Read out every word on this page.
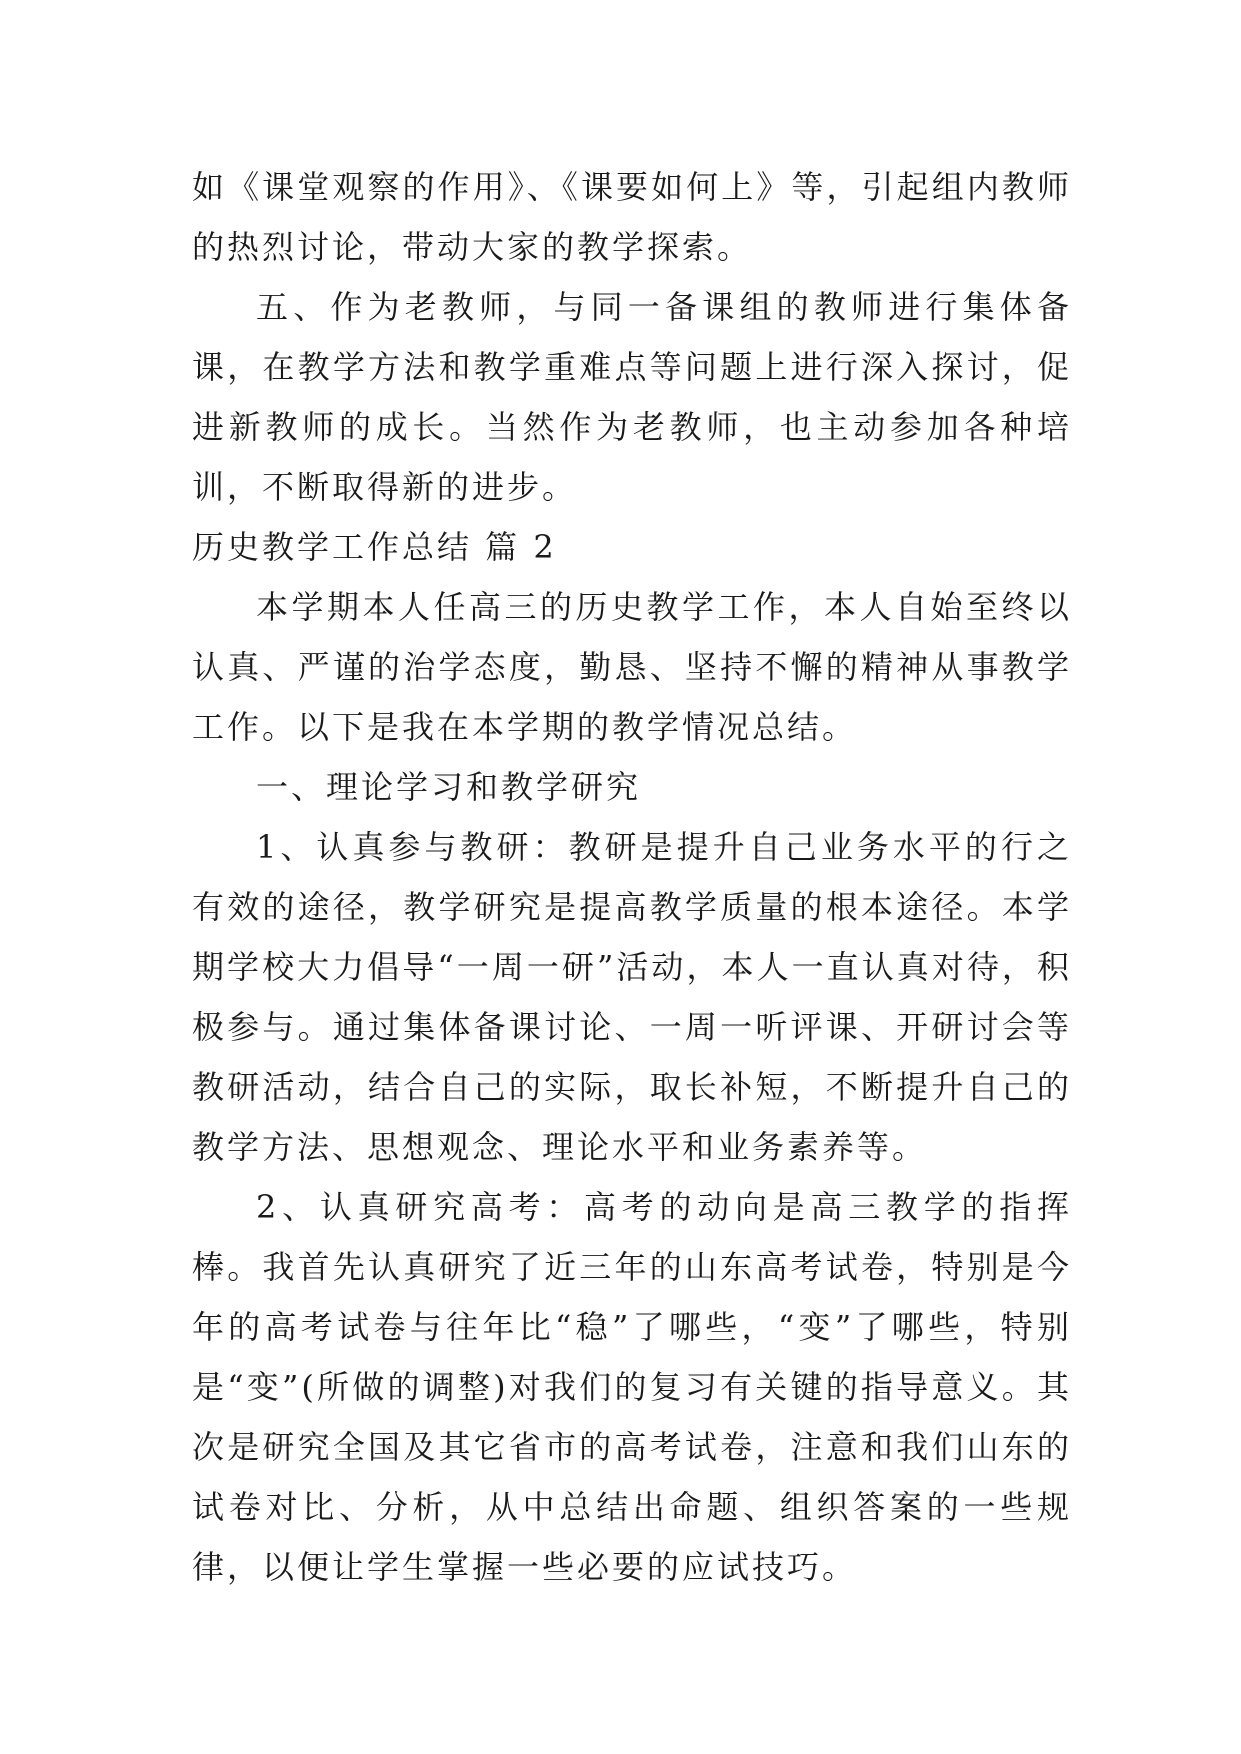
如《课堂观察的作用》、《课要如何上》等，引起组内教师的热烈讨论，带动大家的教学探索。

五、作为老教师，与同一备课组的教师进行集体备课，在教学方法和教学重难点等问题上进行深入探讨，促进新教师的成长。当然作为老教师，也主动参加各种培训，不断取得新的进步。

历史教学工作总结 篇 2

本学期本人任高三的历史教学工作，本人自始至终以认真、严谨的治学态度，勤恳、坚持不懈的精神从事教学工作。以下是我在本学期的教学情况总结。

一、理论学习和教学研究

1、认真参与教研：教研是提升自己业务水平的行之有效的途径，教学研究是提高教学质量的根本途径。本学期学校大力倡导“一周一研”活动，本人一直认真对待，积极参与。通过集体备课讨论、一周一听评课、开研讨会等教研活动，结合自己的实际，取长补短，不断提升自己的教学方法、思想观念、理论水平和业务素养等。

2、认真研究高考：高考的动向是高三教学的指挥棒。我首先认真研究了近三年的山东高考试卷，特别是今年的高考试卷与往年比“稳”了哪些，“变”了哪些，特别是“变”(所做的调整)对我们的复习有关键的指导意义。其次是研究全国及其它省市的高考试卷，注意和我们山东的试卷对比、分析，从中总结出命题、组织答案的一些规律，以便让学生掌握一些必要的应试技巧。
